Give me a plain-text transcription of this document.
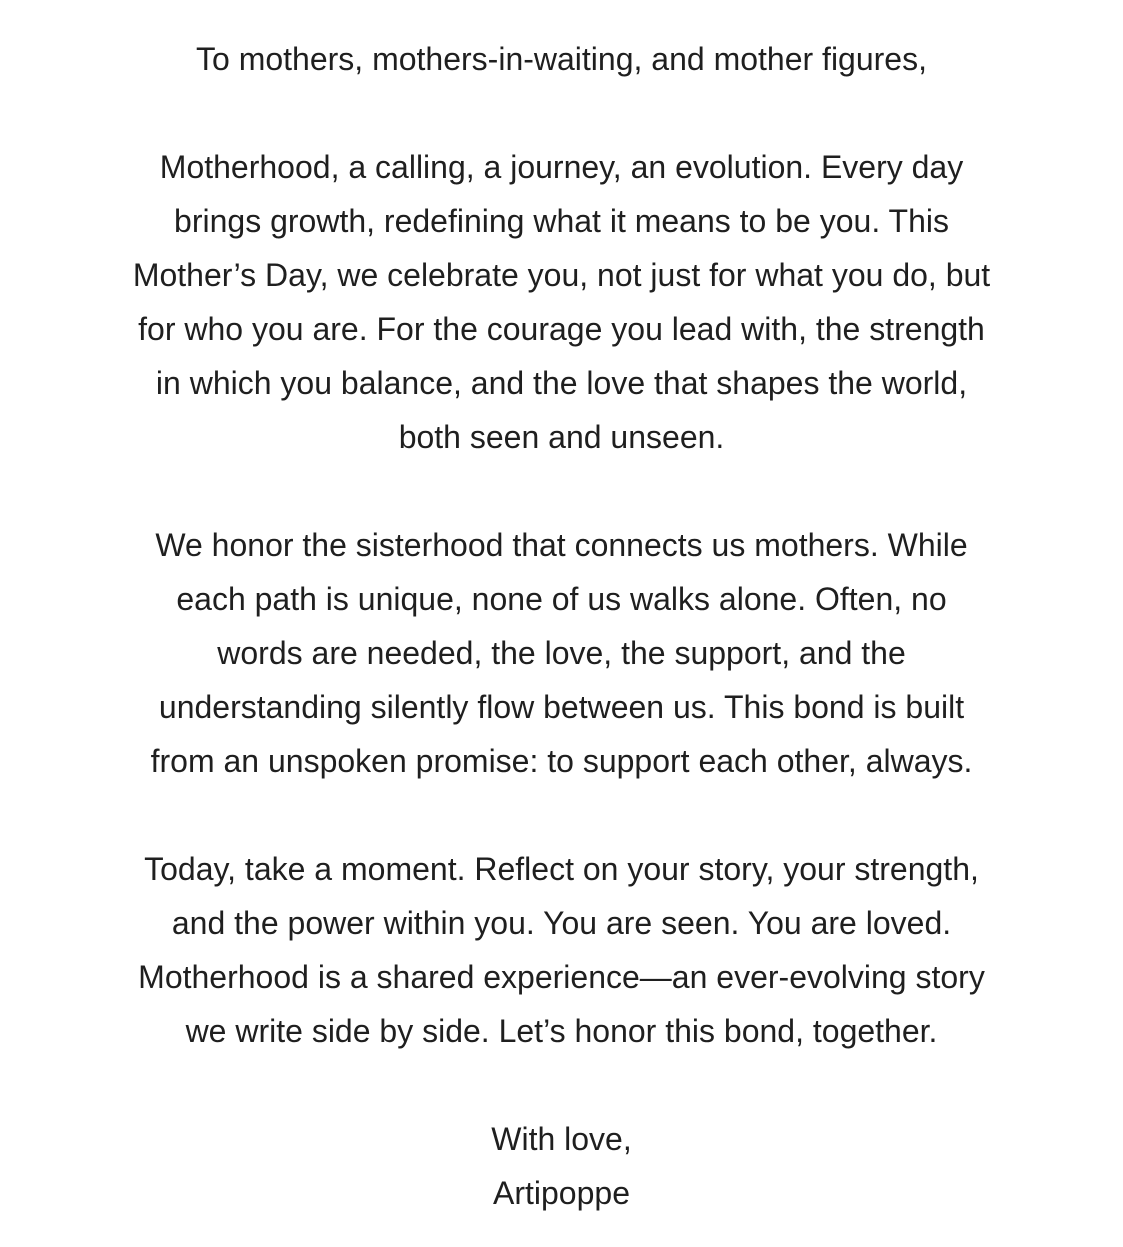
To mothers, mothers-in-waiting, and mother figures,

Motherhood, a calling, a journey, an evolution. Every day
brings growth, redefining what it means to be you. This
Mother’s Day, we celebrate you, not just for what you do, but
for who you are. For the courage you lead with, the strength
in which you balance, and the love that shapes the world,
both seen and unseen.

We honor the sisterhood that connects us mothers. While
each path is unique, none of us walks alone. Often, no
words are needed, the love, the support, and the
understanding silently flow between us. This bond is built
from an unspoken promise: to support each other, always.

Today, take a moment. Reflect on your story, your strength,
and the power within you. You are seen. You are loved.
Motherhood is a shared experience—an ever-evolving story
we write side by side. Let’s honor this bond, together.

With love,
Artipoppe
